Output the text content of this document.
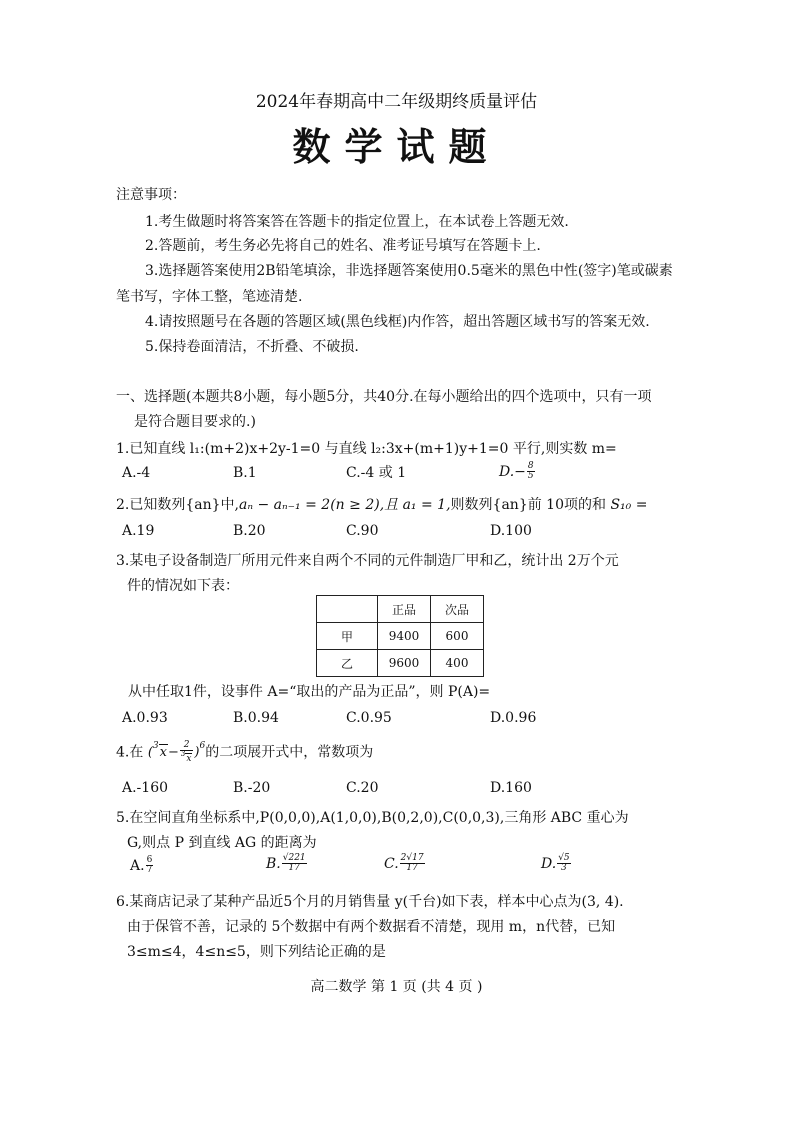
2024年春期高中二年级期终质量评估
数学试题
注意事项：
1.考生做题时将答案答在答题卡的指定位置上，在本试卷上答题无效.
2.答题前，考生务必先将自己的姓名、准考证号填写在答题卡上.
3.选择题答案使用2B铅笔填涂，非选择题答案使用0.5毫米的黑色中性(签字)笔或碳素
笔书写，字体工整，笔迹清楚.
4.请按照题号在各题的答题区域(黑色线框)内作答，超出答题区域书写的答案无效.
5.保持卷面清洁，不折叠、不破损.
一、选择题(本题共8小题，每小题5分，共40分.在每小题给出的四个选项中，只有一项
是符合题目要求的.)
1.已知直线 l₁:(m+2)x+2y-1=0 与直线 l₂:3x+(m+1)y+1=0 平行,则实数 m=
A.-4	B.1	C.-4 或 1	$D.- \frac{8}{5}$
2.已知数列{an}中,aₙ − aₙ₋₁ = 2(n ≥ 2),且 a₁ = 1,则数列{an}前 10项的和 S₁₀ =
A.19	B.20	C.90	D.100
3.某电子设备制造厂所用元件来自两个不同的元件制造厂甲和乙，统计出 2万个元
件的情况如下表：
	正品	次品
甲	9400	600
乙	9600	400
从中任取1件，设事件 A=“取出的产品为正品”，则 P(A)=
A.0.93	B.0.94	C.0.95	D.0.96
4.在 $(^3x- \frac{2}{^3x} )^6$的二项展开式中，常数项为
A.-160	B.-20	C.20	D.160
5.在空间直角坐标系中,P(0,0,0),A(1,0,0),B(0,2,0),C(0,0,3),三角形 ABC 重心为
G,则点 P 到直线 AG 的距离为
A. $\frac{6}{7}$	B. $\frac{√221}{17}$	C. $\frac{2√17}{17}$	D. $\frac{√5}{3}$
6.某商店记录了某种产品近5个月的月销售量 y(千台)如下表，样本中心点为(3, 4).
由于保管不善，记录的 5个数据中有两个数据看不清楚，现用 m，n代替，已知
3≤m≤4，4≤n≤5，则下列结论正确的是
高二数学 第 1 页 (共 4 页 )
